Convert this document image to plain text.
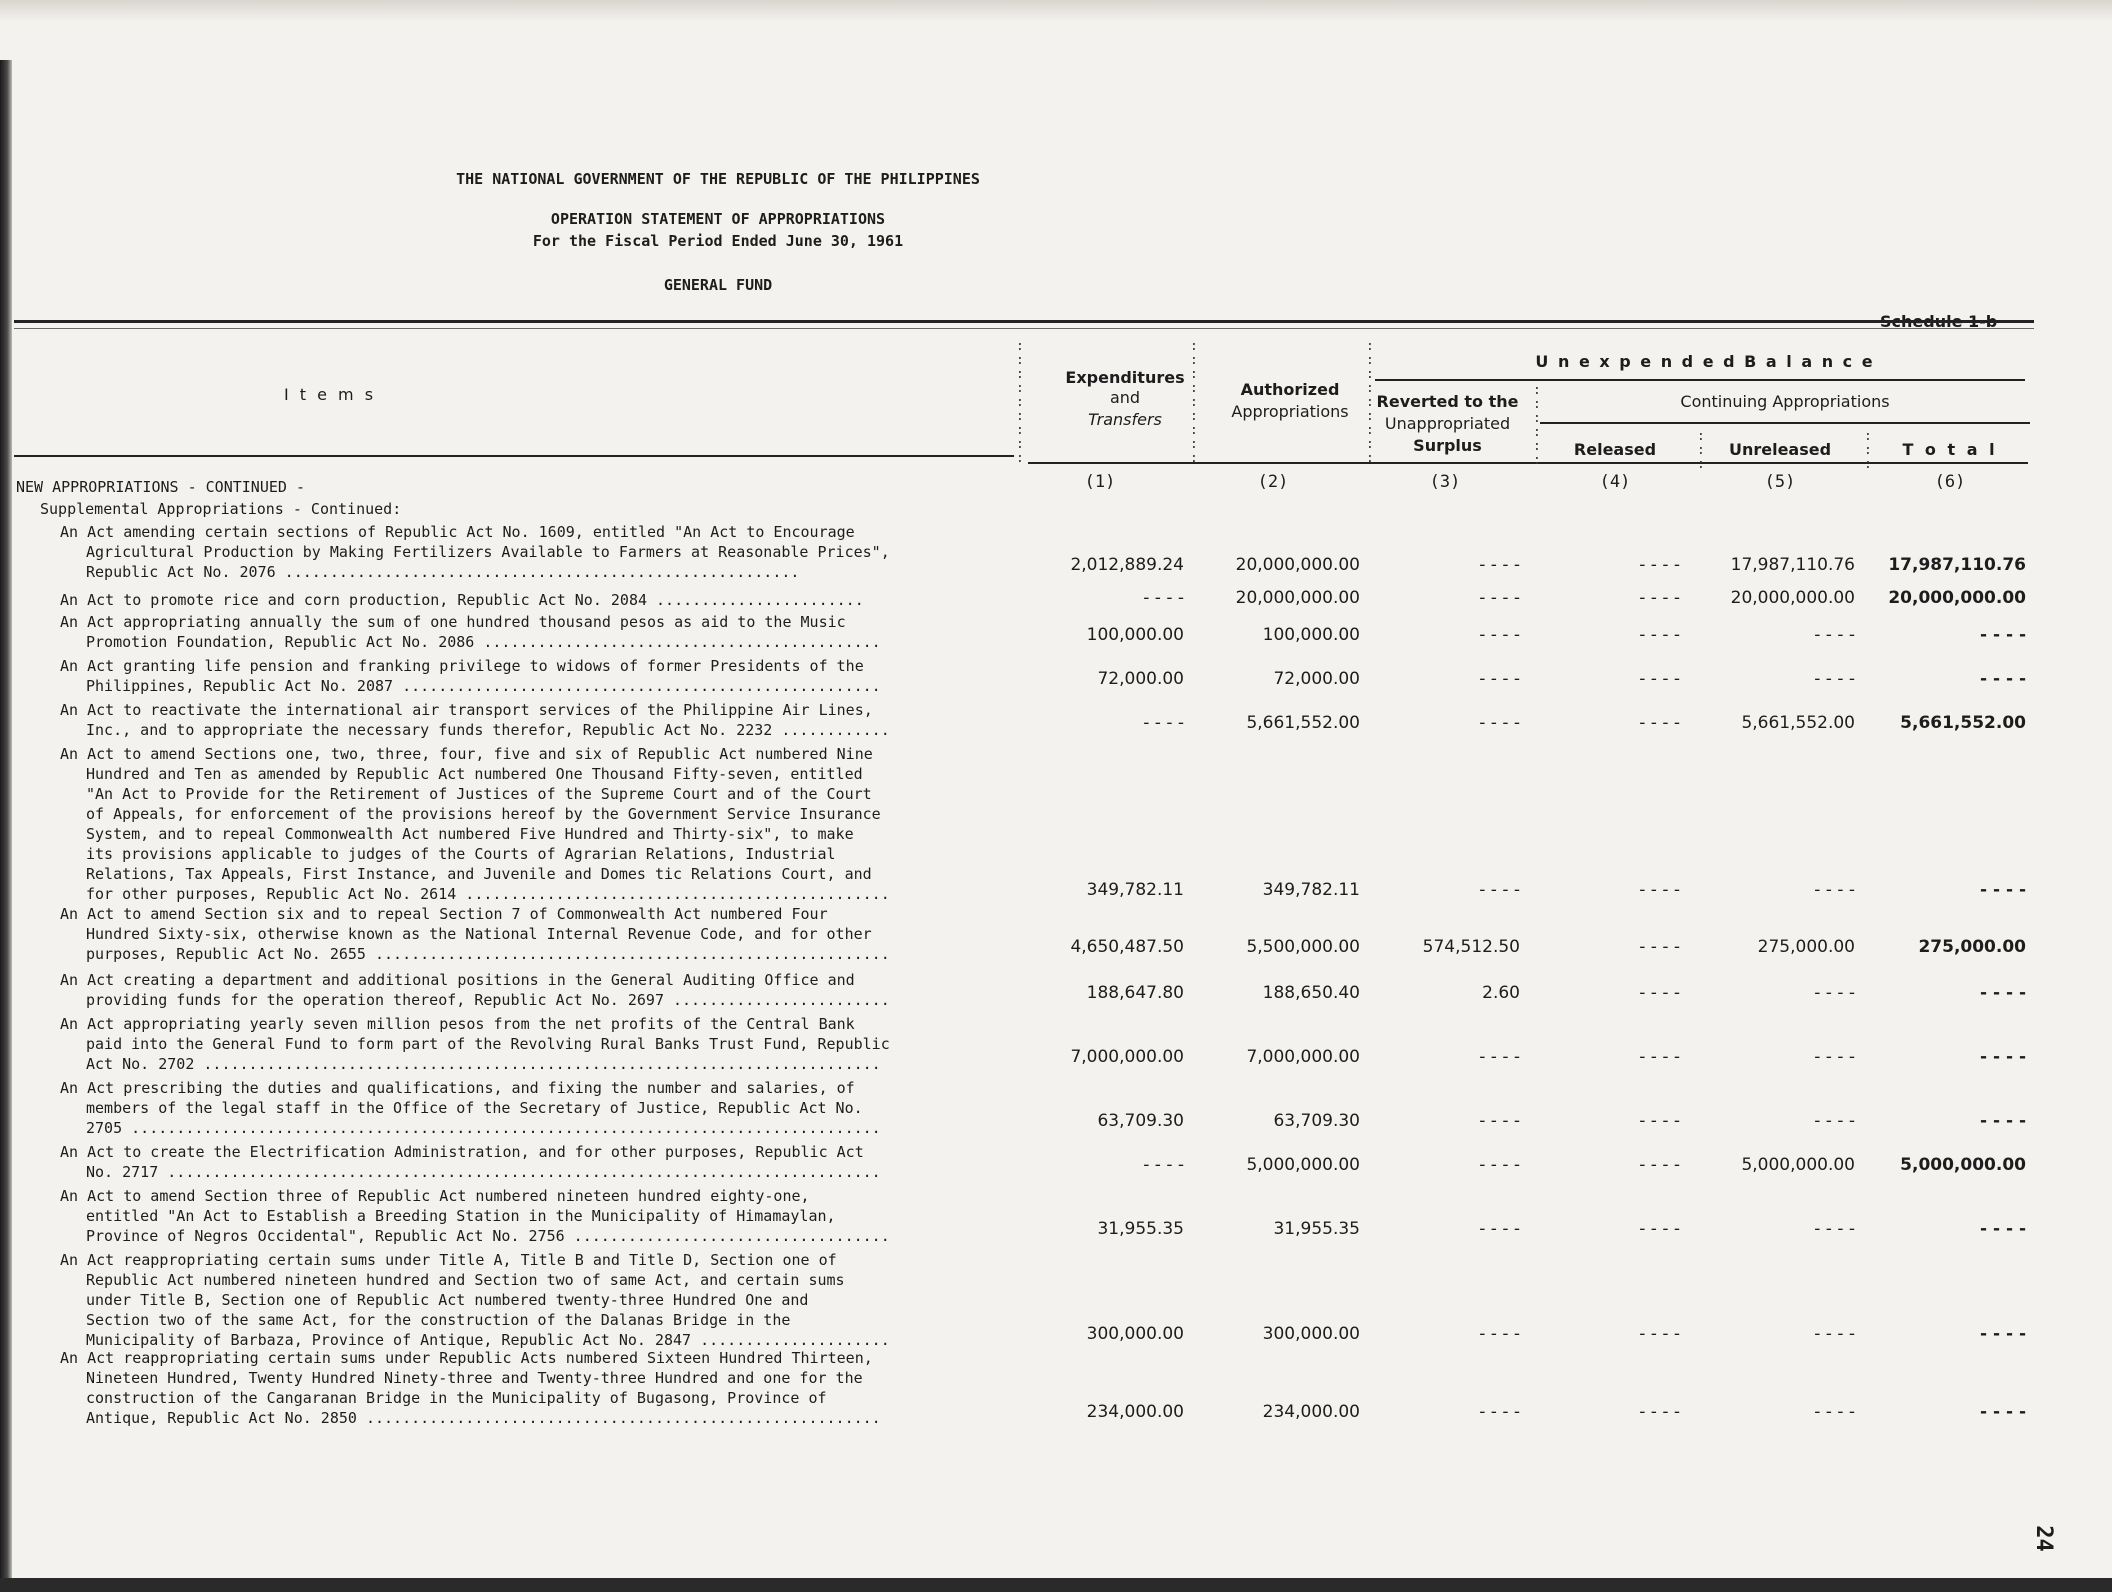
THE NATIONAL GOVERNMENT OF THE REPUBLIC OF THE PHILIPPINES
OPERATION STATEMENT OF APPROPRIATIONS
For the Fiscal Period Ended June 30, 1961
GENERAL FUND
I t e m s
Expenditures
and
Transfers
Authorized
Appropriations
U n e x p e n d e d B a l a n c e
Reverted to the
Unappropriated
Surplus
Continuing Appropriations
Released	Unreleased	T o t a l
:
:
:
:
:
:
:
:
:
:
:
:
:
:
:
:
:
:
:
:
:
:
:
:
:
:
:
:
:
:
:
:
:
:
:
:
:
:
:
(1)	(2)	(3)	(4)	(5)	(6)
NEW APPROPRIATIONS - CONTINUED -
Supplemental Appropriations - Continued:
An Act amending certain sections of Republic Act No. 1609, entitled "An Act to Encourage
Agricultural Production by Making Fertilizers Available to Farmers at Reasonable Prices",
Republic Act No. 2076 .........................................................	2,012,889.24	20,000,000.00	- - - -	- - - -	17,987,110.76	17,987,110.76
An Act to promote rice and corn production, Republic Act No. 2084 .......................	- - - -	20,000,000.00	- - - -	- - - -	20,000,000.00	20,000,000.00
An Act appropriating annually the sum of one hundred thousand pesos as aid to the Music
Promotion Foundation, Republic Act No. 2086 ............................................	100,000.00	100,000.00	- - - -	- - - -	- - - -	- - - -
An Act granting life pension and franking privilege to widows of former Presidents of the
Philippines, Republic Act No. 2087 .....................................................	72,000.00	72,000.00	- - - -	- - - -	- - - -	- - - -
An Act to reactivate the international air transport services of the Philippine Air Lines,
Inc., and to appropriate the necessary funds therefor, Republic Act No. 2232 ............	- - - -	5,661,552.00	- - - -	- - - -	5,661,552.00	5,661,552.00
An Act to amend Sections one, two, three, four, five and six of Republic Act numbered Nine
Hundred and Ten as amended by Republic Act numbered One Thousand Fifty-seven, entitled
"An Act to Provide for the Retirement of Justices of the Supreme Court and of the Court
of Appeals, for enforcement of the provisions hereof by the Government Service Insurance
System, and to repeal Commonwealth Act numbered Five Hundred and Thirty-six", to make
its provisions applicable to judges of the Courts of Agrarian Relations, Industrial
Relations, Tax Appeals, First Instance, and Juvenile and Domes tic Relations Court, and
for other purposes, Republic Act No. 2614 ...............................................	349,782.11	349,782.11	- - - -	- - - -	- - - -	- - - -
An Act to amend Section six and to repeal Section 7 of Commonwealth Act numbered Four
Hundred Sixty-six, otherwise known as the National Internal Revenue Code, and for other
purposes, Republic Act No. 2655 .........................................................	4,650,487.50	5,500,000.00	574,512.50	- - - -	275,000.00	275,000.00
An Act creating a department and additional positions in the General Auditing Office and
providing funds for the operation thereof, Republic Act No. 2697 ........................	188,647.80	188,650.40	2.60	- - - -	- - - -	- - - -
An Act appropriating yearly seven million pesos from the net profits of the Central Bank
paid into the General Fund to form part of the Revolving Rural Banks Trust Fund, Republic
Act No. 2702 ...........................................................................	7,000,000.00	7,000,000.00	- - - -	- - - -	- - - -	- - - -
An Act prescribing the duties and qualifications, and fixing the number and salaries, of
members of the legal staff in the Office of the Secretary of Justice, Republic Act No.
2705 ...................................................................................	63,709.30	63,709.30	- - - -	- - - -	- - - -	- - - -
An Act to create the Electrification Administration, and for other purposes, Republic Act
No. 2717 ...............................................................................	- - - -	5,000,000.00	- - - -	- - - -	5,000,000.00	5,000,000.00
An Act to amend Section three of Republic Act numbered nineteen hundred eighty-one,
entitled "An Act to Establish a Breeding Station in the Municipality of Himamaylan,
Province of Negros Occidental", Republic Act No. 2756 ...................................	31,955.35	31,955.35	- - - -	- - - -	- - - -	- - - -
An Act reappropriating certain sums under Title A, Title B and Title D, Section one of
Republic Act numbered nineteen hundred and Section two of same Act, and certain sums
under Title B, Section one of Republic Act numbered twenty-three Hundred One and
Section two of the same Act, for the construction of the Dalanas Bridge in the
Municipality of Barbaza, Province of Antique, Republic Act No. 2847 .....................	300,000.00	300,000.00	- - - -	- - - -	- - - -	- - - -
An Act reappropriating certain sums under Republic Acts numbered Sixteen Hundred Thirteen,
Nineteen Hundred, Twenty Hundred Ninety-three and Twenty-three Hundred and one for the
construction of the Cangaranan Bridge in the Municipality of Bugasong, Province of
Antique, Republic Act No. 2850 .........................................................	234,000.00	234,000.00	- - - -	- - - -	- - - -	- - - -
24
